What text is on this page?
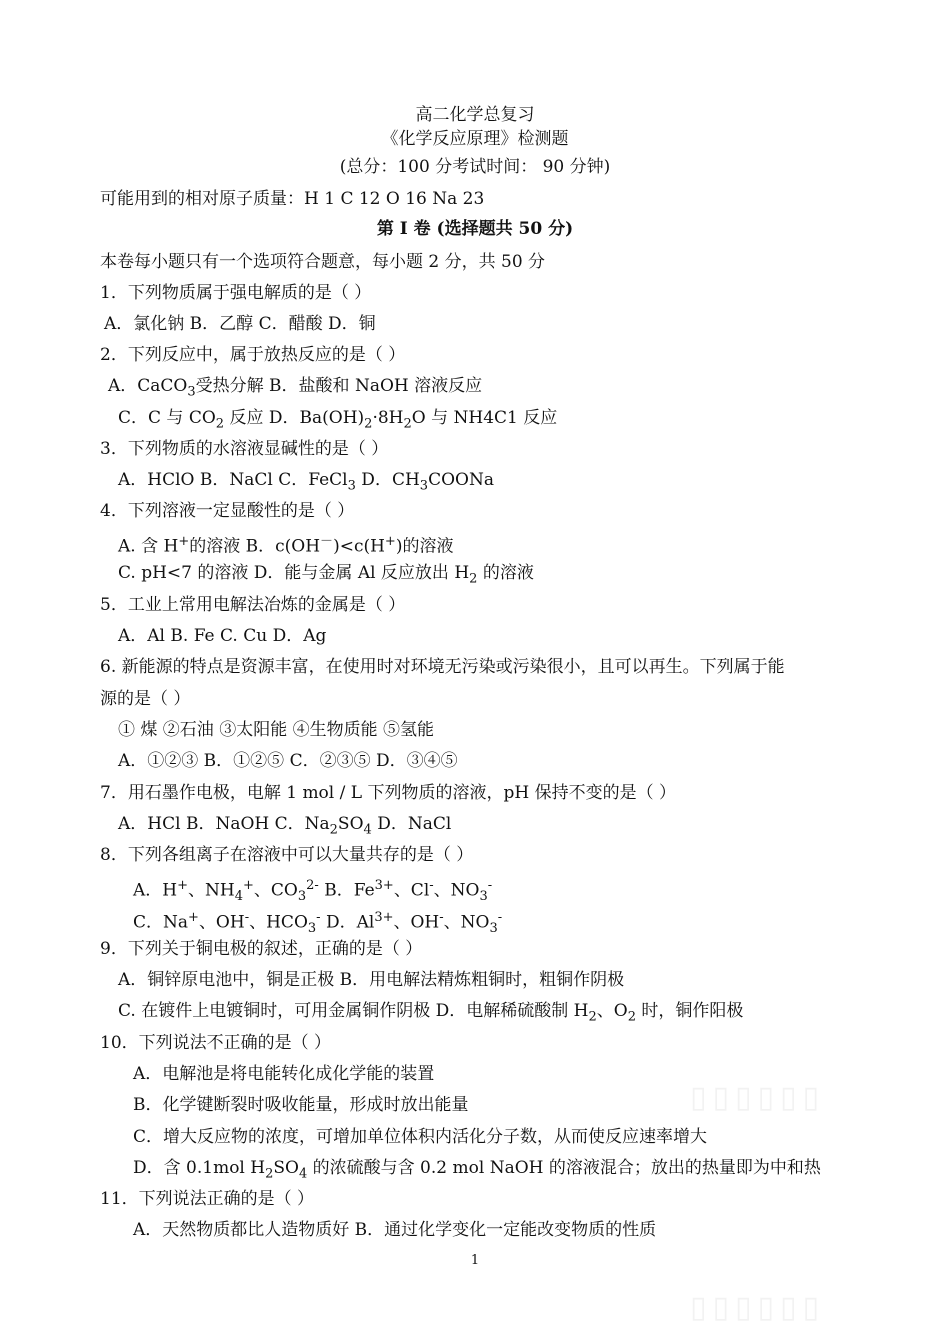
高二化学总复习
《化学反应原理》检测题
(总分：100 分考试时间： 90 分钟)
可能用到的相对原子质量：H 1 C 12 O 16 Na 23
第 I 卷 (选择题共 50 分)
本卷每小题只有一个选项符合题意，每小题 2 分，共 50 分
1．下列物质属于强电解质的是（ ）
A．氯化钠 B．乙醇 C．醋酸 D．铜
2．下列反应中，属于放热反应的是（ ）
A．CaCO$_3$受热分解 B．盐酸和 NaOH 溶液反应
C．C 与 $CO_2$ 反应 D．$Ba(OH)_2\cdot 8H_2O$ 与 NH4C1 反应
3．下列物质的水溶液显碱性的是（ ）
A．HClO B．NaCl C．FeCl$_3$ D．$CH_3COONa$
4．下列溶液一定显酸性的是（ ）
A. 含 H+的溶液 B．c(OH－)<c(H+)的溶液
C. pH<7 的溶液 D．能与金属 Al 反应放出 $H_2$ 的溶液
5．工业上常用电解法冶炼的金属是（ ）
A．Al B. Fe C. Cu D．Ag
6. 新能源的特点是资源丰富，在使用时对环境无污染或污染很小，且可以再生。下列属于能
源的是（ ）
① 煤 ②石油 ③太阳能 ④生物质能 ⑤氢能
A．①②③ B．①②⑤ C．②③⑤ D．③④⑤
7．用石墨作电极，电解 1 mol / L 下列物质的溶液，pH 保持不变的是（ ）
A．HCl B．NaOH C．$Na_2SO_4$ D．NaCl
8．下列各组离子在溶液中可以大量共存的是（ ）
A．H+、$NH_4^+$、$CO_3^{2-}$ B．$Fe^{3+}$、Cl-、$NO_3^-$
C．Na+、OH-、$HCO_3^-$ D．$Al^{3+}$、OH-、$NO_3^-$
9．下列关于铜电极的叙述，正确的是（ ）
A．铜锌原电池中，铜是正极 B．用电解法精炼粗铜时，粗铜作阴极
C. 在镀件上电镀铜时，可用金属铜作阴极 D．电解稀硫酸制 $H_2$、$O_2$ 时，铜作阳极
10．下列说法不正确的是（ ）
A．电解池是将电能转化成化学能的装置
B．化学键断裂时吸收能量，形成时放出能量
C．增大反应物的浓度，可增加单位体积内活化分子数，从而使反应速率增大
D．含 0.1mol $H_2SO_4$ 的浓硫酸与含 0.2 mol NaOH 的溶液混合；放出的热量即为中和热
11．下列说法正确的是（ ）
A．天然物质都比人造物质好 B．通过化学变化一定能改变物质的性质
1
▯▯▯▯▯▯
▯▯▯▯▯▯
